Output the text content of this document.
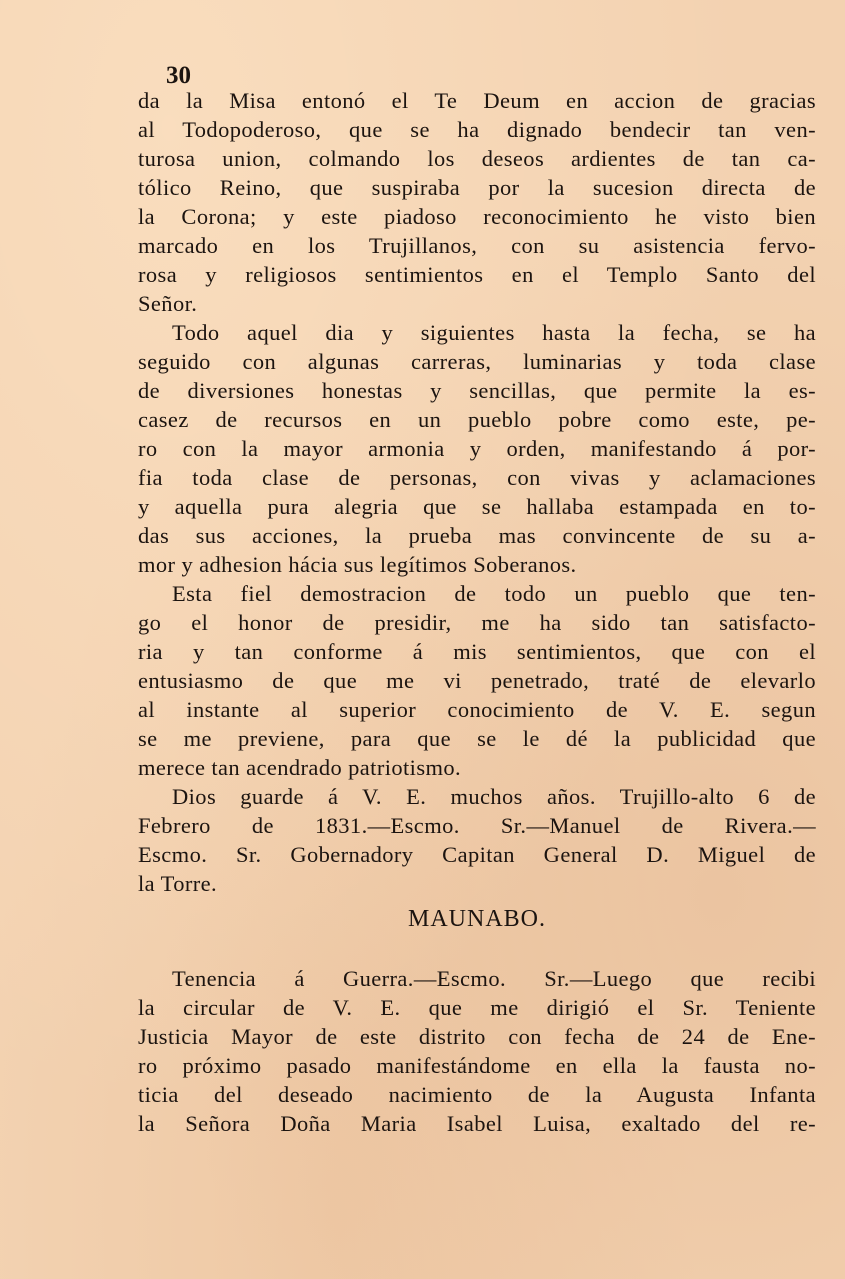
30
da la Misa entonó el Te Deum en accion de gracias
al Todopoderoso, que se ha dignado bendecir tan ven-
turosa union, colmando los deseos ardientes de tan ca-
tólico Reino, que suspiraba por la sucesion directa de
la Corona; y este piadoso reconocimiento he visto bien
marcado en los Trujillanos, con su asistencia fervo-
rosa y religiosos sentimientos en el Templo Santo del
Señor.
Todo aquel dia y siguientes hasta la fecha, se ha
seguido con algunas carreras, luminarias y toda clase
de diversiones honestas y sencillas, que permite la es-
casez de recursos en un pueblo pobre como este, pe-
ro con la mayor armonia y orden, manifestando á por-
fia toda clase de personas, con vivas y aclamaciones
y aquella pura alegria que se hallaba estampada en to-
das sus acciones, la prueba mas convincente de su a-
mor y adhesion hácia sus legítimos Soberanos.
Esta fiel demostracion de todo un pueblo que ten-
go el honor de presidir, me ha sido tan satisfacto-
ria y tan conforme á mis sentimientos, que con el
entusiasmo de que me vi penetrado, traté de elevarlo
al instante al superior conocimiento de V. E. segun
se me previene, para que se le dé la publicidad que
merece tan acendrado patriotismo.
Dios guarde á V. E. muchos años. Trujillo-alto 6 de
Febrero de 1831.—Escmo. Sr.—Manuel de Rivera.—
Escmo. Sr. Gobernadory Capitan General D. Miguel de
la Torre.
MAUNABO.
Tenencia á Guerra.—Escmo. Sr.—Luego que recibi
la circular de V. E. que me dirigió el Sr. Teniente
Justicia Mayor de este distrito con fecha de 24 de Ene-
ro próximo pasado manifestándome en ella la fausta no-
ticia del deseado nacimiento de la Augusta Infanta
la Señora Doña Maria Isabel Luisa, exaltado del re-
